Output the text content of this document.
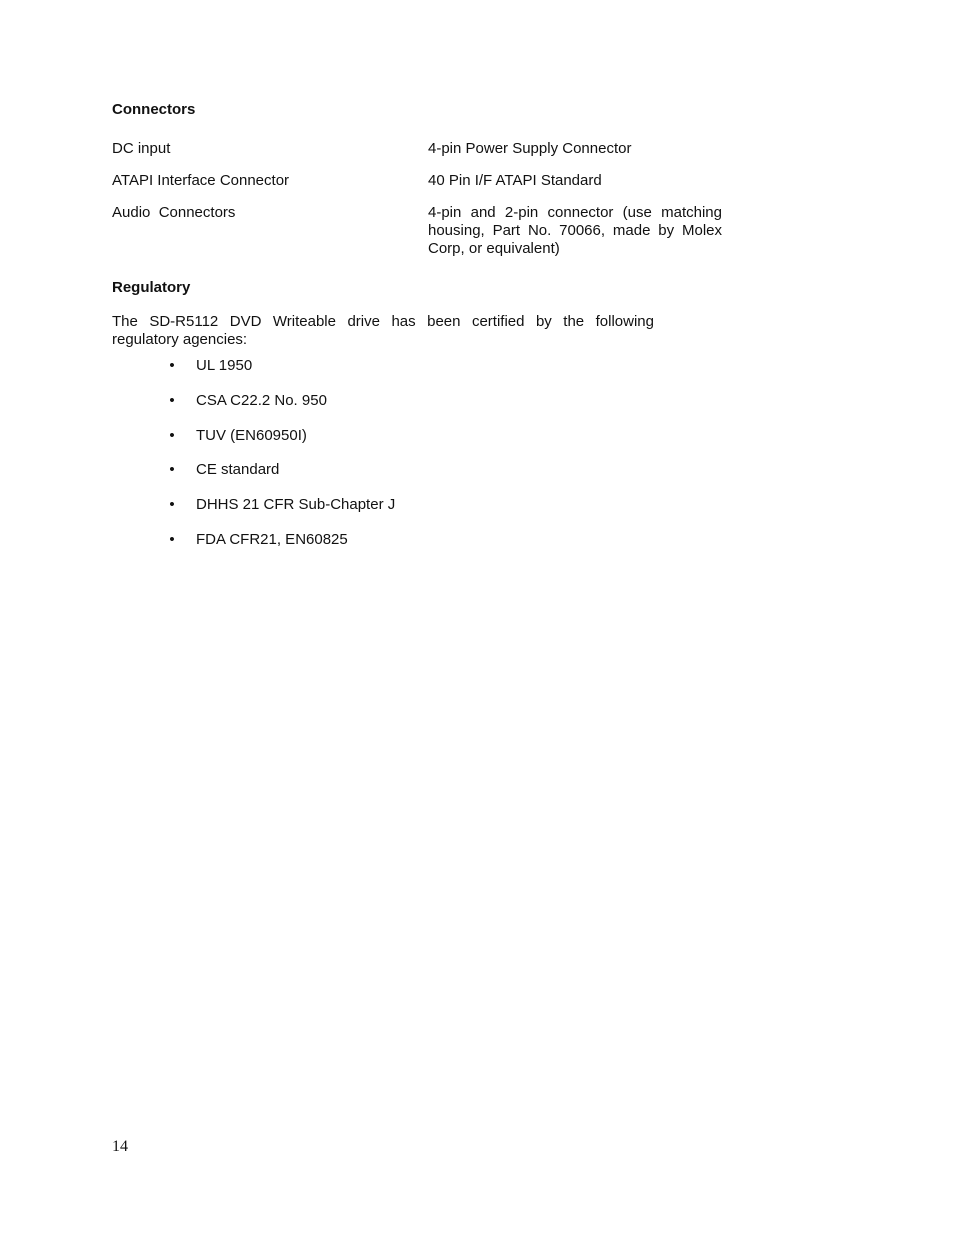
Connectors
DC input	4-pin Power Supply Connector
ATAPI Interface Connector	40 Pin I/F ATAPI Standard
Audio  Connectors	4-pin and 2-pin connector (use matching housing, Part No. 70066, made by Molex Corp, or equivalent)
Regulatory
The SD-R5112 DVD Writeable drive has been certified by the following
regulatory agencies:
• UL 1950
• CSA C22.2 No. 950
• TUV (EN60950I)
• CE standard
• DHHS 21 CFR Sub-Chapter J
• FDA CFR21, EN60825
14
